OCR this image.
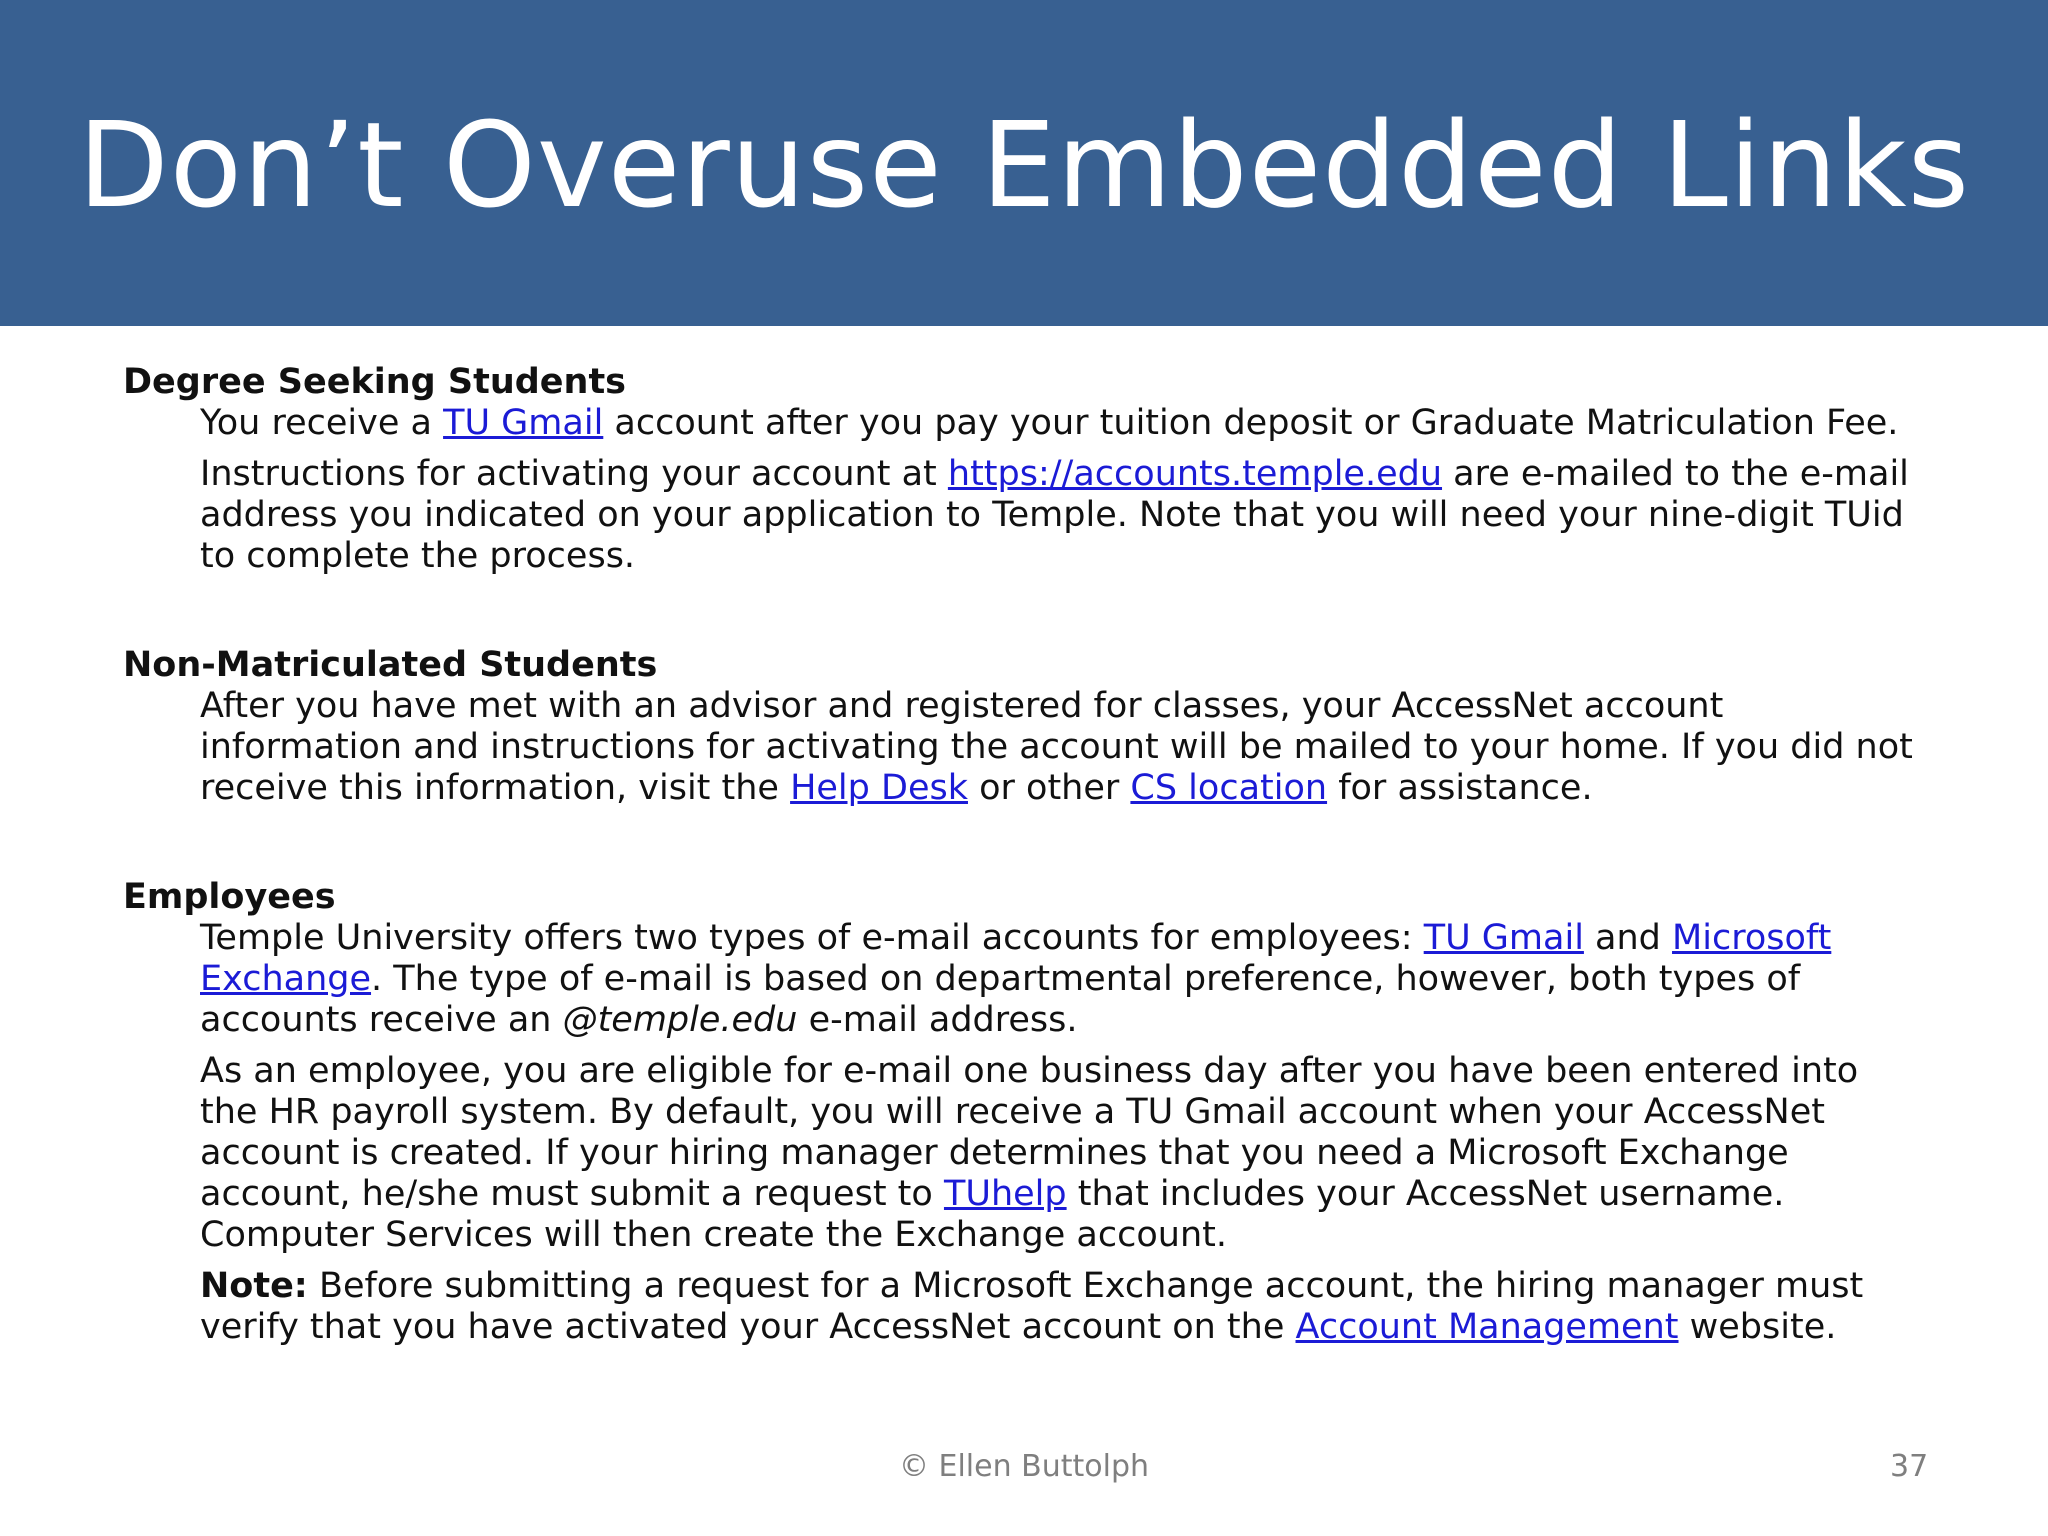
Don’t Overuse Embedded Links

Degree Seeking Students

You receive a TU Gmail account after you pay your tuition deposit or Graduate Matriculation Fee.

Instructions for activating your account at https://accounts.temple.edu are e-mailed to the e-mail address you indicated on your application to Temple. Note that you will need your nine-digit TUid to complete the process.

Non-Matriculated Students

After you have met with an advisor and registered for classes, your AccessNet account information and instructions for activating the account will be mailed to your home. If you did not receive this information, visit the Help Desk or other CS location for assistance.

Employees

Temple University offers two types of e-mail accounts for employees: TU Gmail and Microsoft Exchange. The type of e-mail is based on departmental preference, however, both types of accounts receive an @temple.edu e-mail address.

As an employee, you are eligible for e-mail one business day after you have been entered into the HR payroll system. By default, you will receive a TU Gmail account when your AccessNet account is created. If your hiring manager determines that you need a Microsoft Exchange account, he/she must submit a request to TUhelp that includes your AccessNet username. Computer Services will then create the Exchange account.

Note: Before submitting a request for a Microsoft Exchange account, the hiring manager must verify that you have activated your AccessNet account on the Account Management website.

© Ellen Buttolph	37
